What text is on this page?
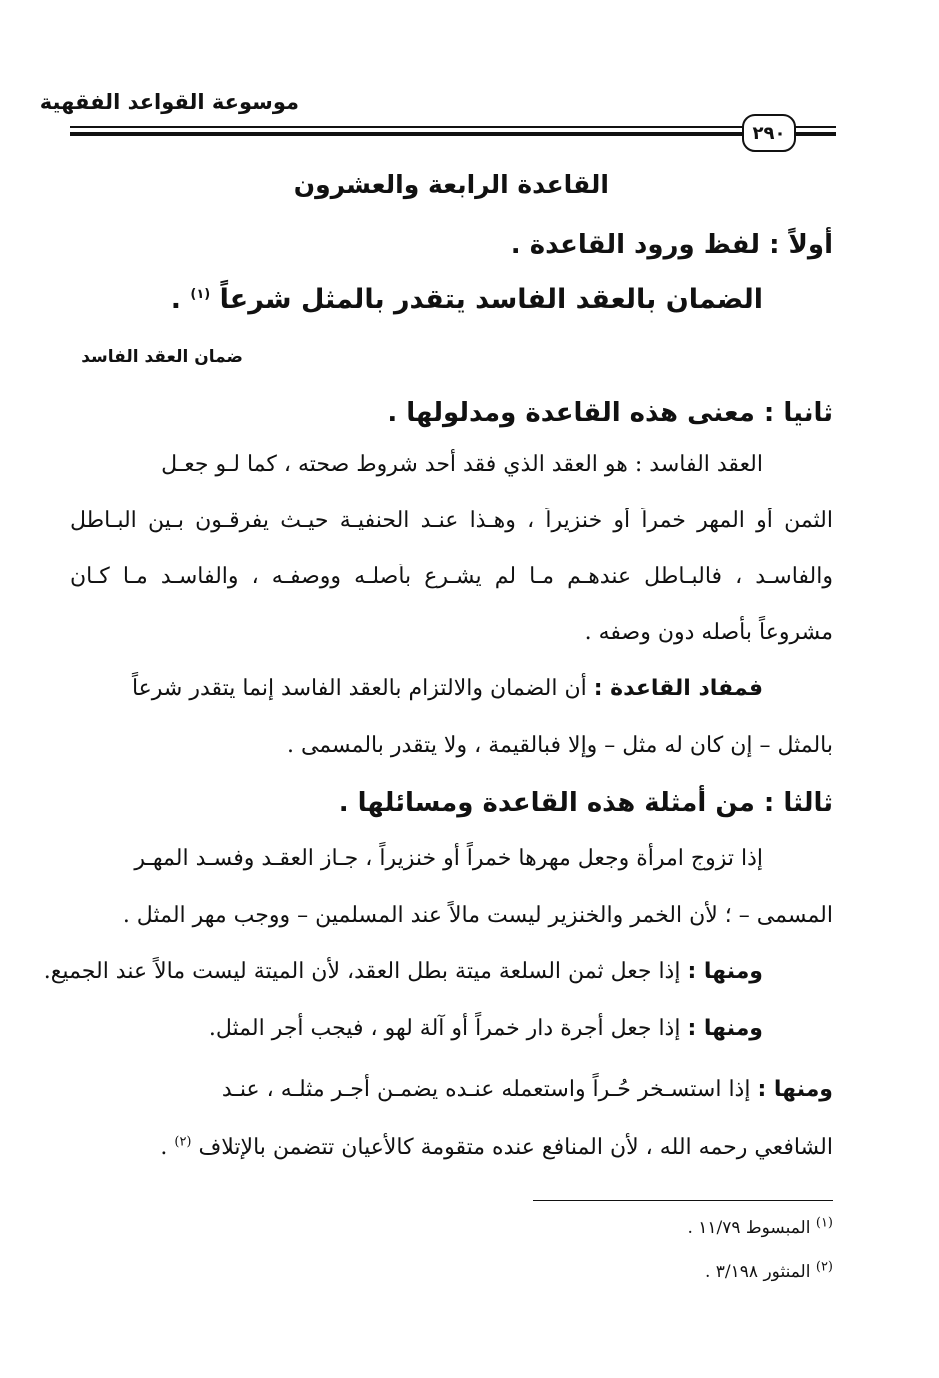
موسوعة القواعد الفقهية
٢٩٠
القاعدة الرابعة والعشرون
أولاً : لفظ ورود القاعدة .
الضمان بالعقد الفاسد يتقدر بالمثل شرعاً $^{(١)}$ .
ضمان العقد الفاسد
ثانيا : معنى هذه القاعدة ومدلولها .
العقد الفاسد : هو العقد الذي فقد أحد شروط صحته ، كما لـو جعـل
الثمن أو المهر خمراً أو خنزيراً ، وهـذا عنـد الحنفيـة حيـث يفرقـون بـين البـاطل
والفاسـد ، فالبـاطل عندهـم مـا لم يشـرع بأصلـه ووصفـه ، والفاسـد مـا كـان
مشروعاً بأصله دون وصفه .
فمفاد القاعدة : أن الضمان والالتزام بالعقد الفاسد إنما يتقدر شرعاً
بالمثل – إن كان له مثل – وإلا فبالقيمة ، ولا يتقدر بالمسمى .
ثالثا : من أمثلة هذه القاعدة ومسائلها .
إذا تزوج امرأة وجعل مهرها خمراً أو خنزيراً ، جـاز العقـد وفسـد المهـر
المسمى – ؛ لأن الخمر والخنزير ليست مالاً عند المسلمين – ووجب مهر المثل .
ومنها : إذا جعل ثمن السلعة ميتة بطل العقد، لأن الميتة ليست مالاً عند الجميع.
ومنها : إذا جعل أجرة دار خمراً أو آلة لهو ، فيجب أجر المثل.
ومنها : إذا استسـخر حُـراً واستعمله عنـده يضمـن أجـر مثلـه ، عنـد
الشافعي رحمه الله ، لأن المنافع عنده متقومة كالأعيان تتضمن بالإتلاف $^{(٢)}$ .
$^{(١)}$ المبسوط ١١/٧٩ .
$^{(٢)}$ المنثور ٣/١٩٨ .
